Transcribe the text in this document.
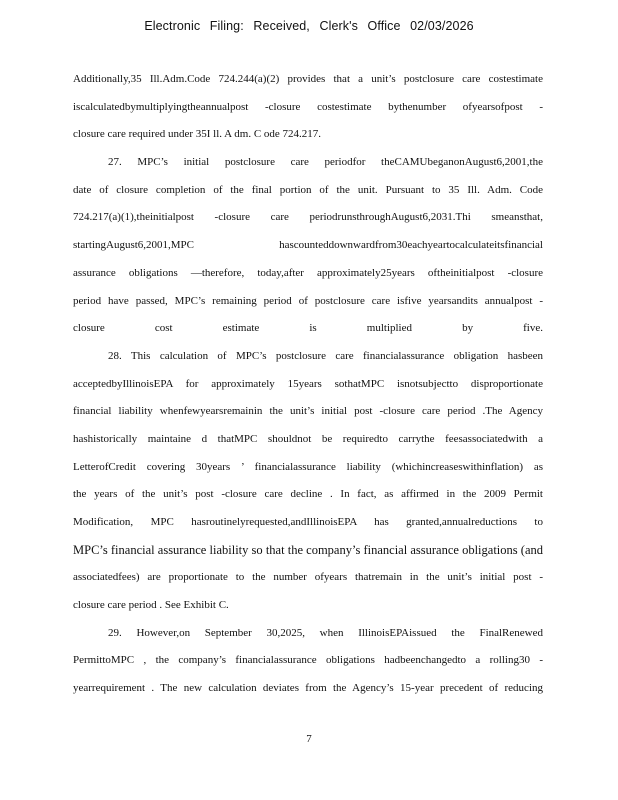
Electronic Filing: Received, Clerk's Office 02/03/2026
Additionally,35 Ill.Adm.Code 724.244(a)(2) provides that a unit’s postclosure care costestimate
iscalculatedbymultiplyingtheannualpost -closure costestimate bythenumber ofyearsofpost -
closure care required under 35I ll. A dm. C ode 724.217.
27. MPC’s initial postclosure care periodfor theCAMUbeganonAugust6,2001,the
date of closure completion of the final portion of the unit. Pursuant to 35 Ill. Adm. Code
724.217(a)(1),theinitialpost -closure care periodrunsthroughAugust6,2031.Thi smeansthat,
startingAugust6,2001,MPC hascounteddownwardfrom30eachyeartocalculateitsfinancial
assurance obligations —therefore, today,after approximately25years oftheinitialpost -closure
period have passed, MPC’s remaining period of postclosure care isfive yearsandits annualpost -
closure cost estimate is multiplied by five.
28. This calculation of MPC’s postclosure care financialassurance obligation hasbeen
acceptedbyIllinoisEPA for approximately 15years sothatMPC isnotsubjectto disproportionate
financial liability whenfewyearsremainin the unit’s initial post -closure care period .The Agency
hashistorically maintaine d thatMPC shouldnot be requiredto carrythe feesassociatedwith a
LetterofCredit covering 30years ’ financialassurance liability (whichincreaseswithinflation) as
the years of the unit’s post -closure care decline . In fact, as affirmed in the 2009 Permit
Modification, MPC hasroutinelyrequested,andIllinoisEPA has granted,annualreductions to
MPC’s financial assurance liability so that the company’s financial assurance obligations (and
associatedfees) are proportionate to the number ofyears thatremain in the unit’s initial post -
closure care period . See Exhibit C.
29. However,on September 30,2025, when IllinoisEPAissued the FinalRenewed
PermittoMPC , the company’s financialassurance obligations hadbeenchangedto a rolling30 -
yearrequirement . The new calculation deviates from the Agency’s 15-year precedent of reducing
7
